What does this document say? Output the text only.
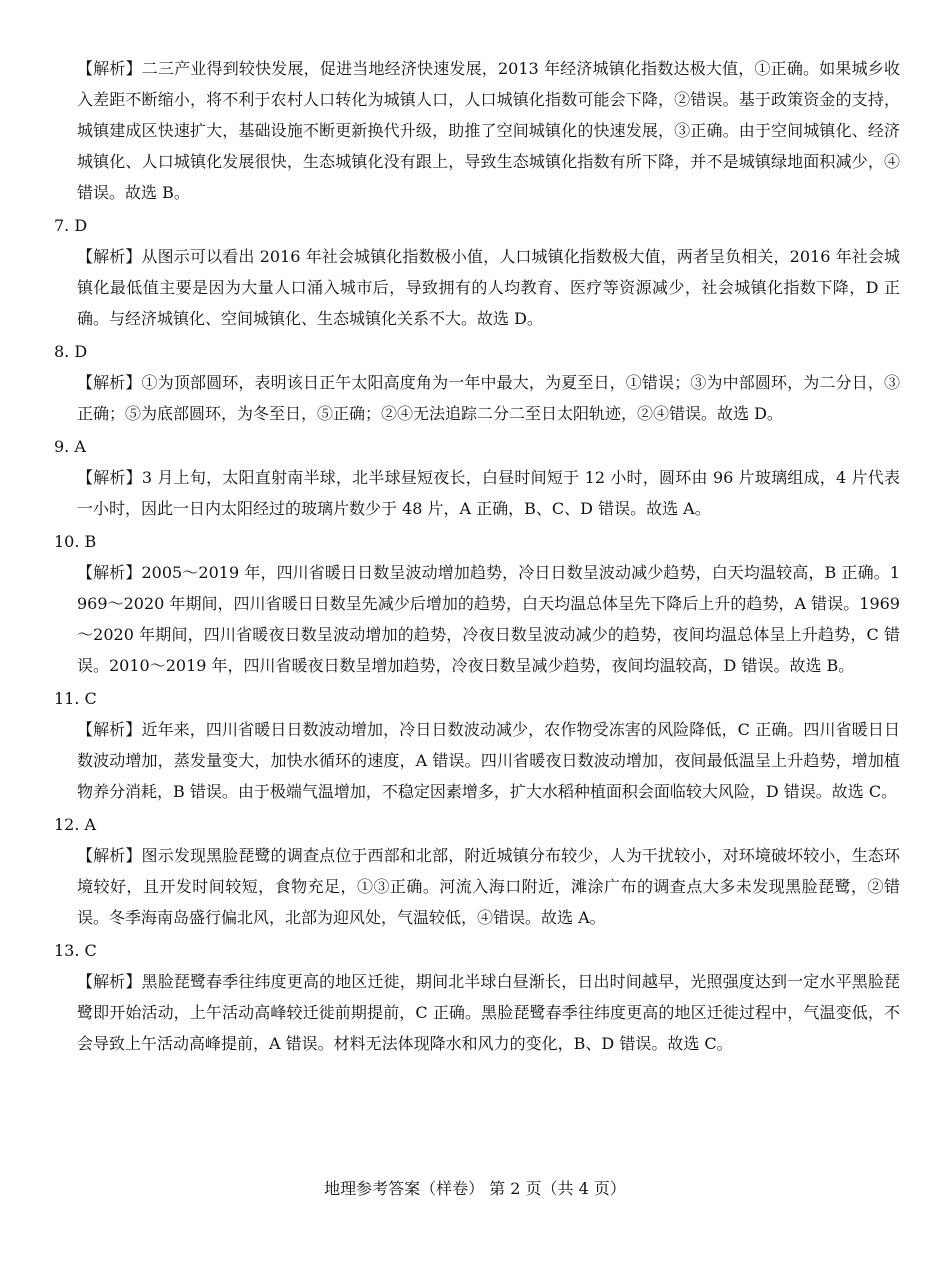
【解析】二三产业得到较快发展，促进当地经济快速发展，2013 年经济城镇化指数达极大值，①正确。如果城乡收入差距不断缩小，将不利于农村人口转化为城镇人口，人口城镇化指数可能会下降，②错误。基于政策资金的支持，城镇建成区快速扩大，基础设施不断更新换代升级，助推了空间城镇化的快速发展，③正确。由于空间城镇化、经济城镇化、人口城镇化发展很快，生态城镇化没有跟上，导致生态城镇化指数有所下降，并不是城镇绿地面积减少，④错误。故选 B。

7. D

【解析】从图示可以看出 2016 年社会城镇化指数极小值，人口城镇化指数极大值，两者呈负相关，2016 年社会城镇化最低值主要是因为大量人口涌入城市后，导致拥有的人均教育、医疗等资源减少，社会城镇化指数下降，D 正确。与经济城镇化、空间城镇化、生态城镇化关系不大。故选 D。

8. D

【解析】①为顶部圆环，表明该日正午太阳高度角为一年中最大，为夏至日，①错误；③为中部圆环，为二分日，③正确；⑤为底部圆环，为冬至日，⑤正确；②④无法追踪二分二至日太阳轨迹，②④错误。故选 D。

9. A

【解析】3 月上旬，太阳直射南半球，北半球昼短夜长，白昼时间短于 12 小时，圆环由 96 片玻璃组成，4 片代表一小时，因此一日内太阳经过的玻璃片数少于 48 片，A 正确，B、C、D 错误。故选 A。

10. B

【解析】2005～2019 年，四川省暖日日数呈波动增加趋势，冷日日数呈波动减少趋势，白天均温较高，B 正确。1969～2020 年期间，四川省暖日日数呈先减少后增加的趋势，白天均温总体呈先下降后上升的趋势，A 错误。1969～2020 年期间，四川省暖夜日数呈波动增加的趋势，冷夜日数呈波动减少的趋势，夜间均温总体呈上升趋势，C 错误。2010～2019 年，四川省暖夜日数呈增加趋势，冷夜日数呈减少趋势，夜间均温较高，D 错误。故选 B。

11. C

【解析】近年来，四川省暖日日数波动增加，冷日日数波动减少，农作物受冻害的风险降低，C 正确。四川省暖日日数波动增加，蒸发量变大，加快水循环的速度，A 错误。四川省暖夜日数波动增加，夜间最低温呈上升趋势，增加植物养分消耗，B 错误。由于极端气温增加，不稳定因素增多，扩大水稻种植面积会面临较大风险，D 错误。故选 C。

12. A

【解析】图示发现黑脸琵鹭的调查点位于西部和北部，附近城镇分布较少，人为干扰较小，对环境破坏较小，生态环境较好，且开发时间较短，食物充足，①③正确。河流入海口附近，滩涂广布的调查点大多未发现黑脸琵鹭，②错误。冬季海南岛盛行偏北风，北部为迎风处，气温较低，④错误。故选 A。

13. C

【解析】黑脸琵鹭春季往纬度更高的地区迁徙，期间北半球白昼渐长，日出时间越早，光照强度达到一定水平黑脸琵鹭即开始活动，上午活动高峰较迁徙前期提前，C 正确。黑脸琵鹭春季往纬度更高的地区迁徙过程中，气温变低，不会导致上午活动高峰提前，A 错误。材料无法体现降水和风力的变化，B、D 错误。故选 C。

地理参考答案（样卷） 第 2 页（共 4 页）
